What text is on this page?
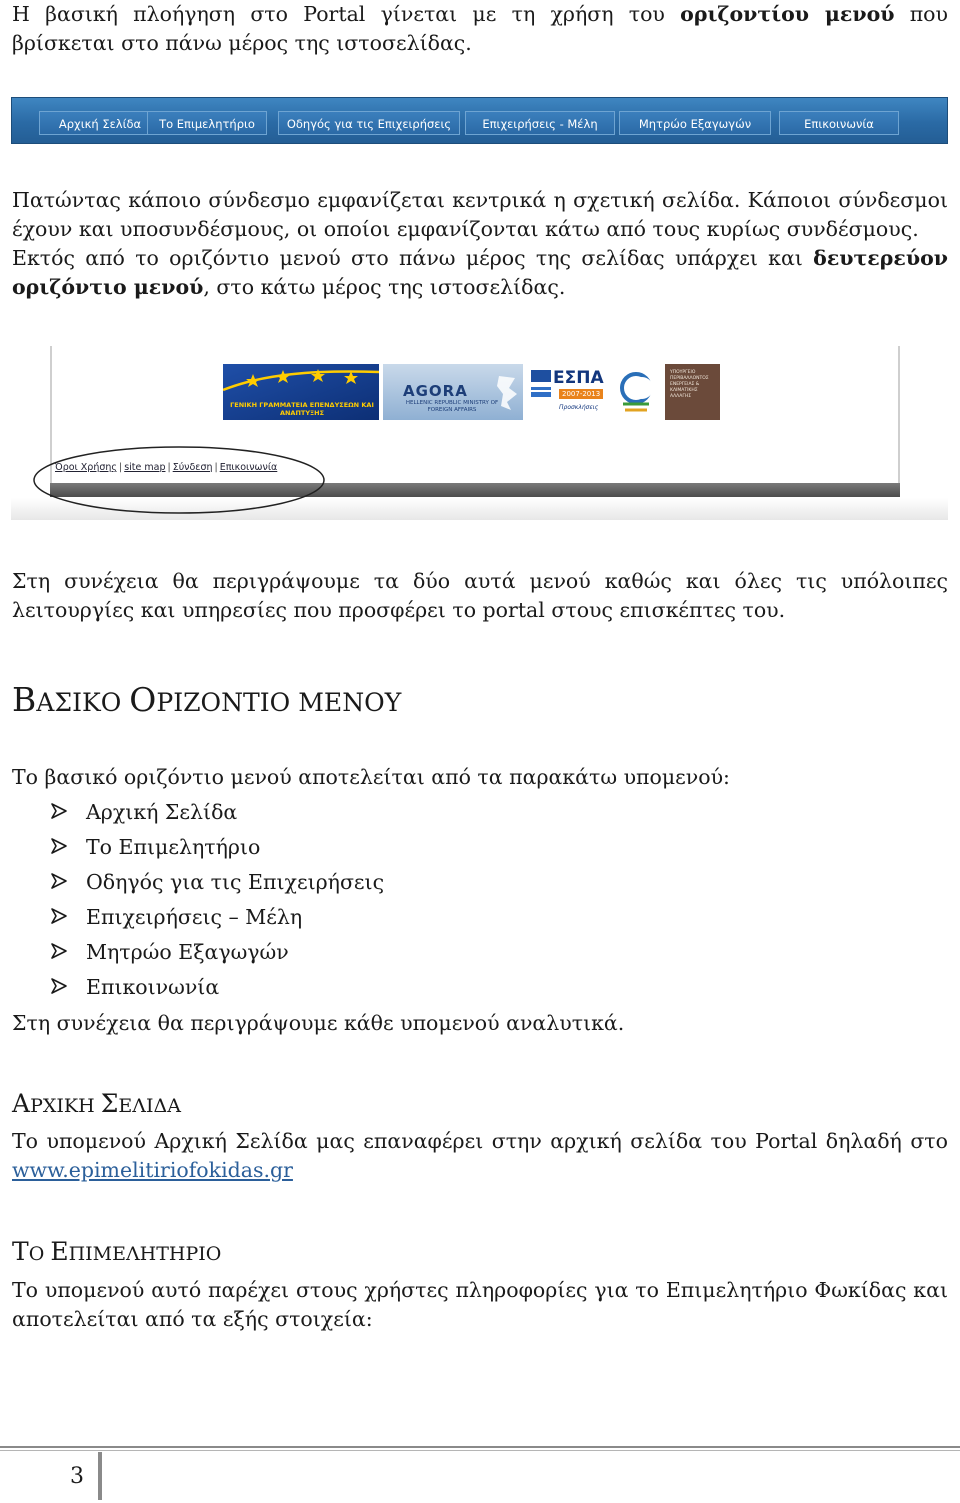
Η βασική πλοήγηση στο Portal γίνεται με τη χρήση του οριζοντίου μενού που βρίσκεται στο πάνω μέρος της ιστοσελίδας.

Αρχική Σελίδα	Το Επιμελητήριο	Οδηγός για τις Επιχειρήσεις	Επιχειρήσεις - Μέλη	Μητρώο Εξαγωγών	Επικοινωνία

Πατώντας κάποιο σύνδεσμο εμφανίζεται κεντρικά η σχετική σελίδα. Κάποιοι σύνδεσμοι έχουν και υποσυνδέσμους, οι οποίοι εμφανίζονται κάτω από τους κυρίως συνδέσμους.
Εκτός από το οριζόντιο μενού στο πάνω μέρος της σελίδας υπάρχει και δευτερεύον οριζόντιο μενού, στο κάτω μέρος της ιστοσελίδας.

ΓΕΝΙΚΗ ΓΡΑΜΜΑΤΕΙΑ ΕΠΕΝΔΥΣΕΩΝ ΚΑΙ ΑΝΑΠΤΥΞΗΣ
AGORA
HELLENIC REPUBLIC MINISTRY OF FOREIGN AFFAIRS
ΕΣΠΑ
2007-2013
Προσκλήσεις
ΥΠΟΥΡΓΕΙΟ ΠΕΡΙΒΑΛΛΟΝΤΟΣ ΕΝΕΡΓΕΙΑΣ & ΚΛΙΜΑΤΙΚΗΣ ΑΛΛΑΓΗΣ
Όροι Χρήσης | site map | Σύνδεση | Επικοινωνία

Στη συνέχεια θα περιγράψουμε τα δύο αυτά μενού καθώς και όλες τις υπόλοιπες λειτουργίες και υπηρεσίες που προσφέρει το portal στους επισκέπτες του.

ΒΑΣΙΚΟ ΟΡΙΖΟΝΤΙΟ ΜΕΝΟΥ

Το βασικό οριζόντιο μενού αποτελείται από τα παρακάτω υπομενού:

Αρχική Σελίδα
Το Επιμελητήριο
Οδηγός για τις Επιχειρήσεις
Επιχειρήσεις – Μέλη
Μητρώο Εξαγωγών
Επικοινωνία

Στη συνέχεια θα περιγράψουμε κάθε υπομενού αναλυτικά.

ΑΡΧΙΚΗ ΣΕΛΙΔΑ

Το υπομενού Αρχική Σελίδα μας επαναφέρει στην αρχική σελίδα του Portal δηλαδή στο www.epimelitiriofokidas.gr

ΤΟ ΕΠΙΜΕΛΗΤΗΡΙΟ

Το υπομενού αυτό παρέχει στους χρήστες πληροφορίες για το Επιμελητήριο Φωκίδας και αποτελείται από τα εξής στοιχεία:

3
